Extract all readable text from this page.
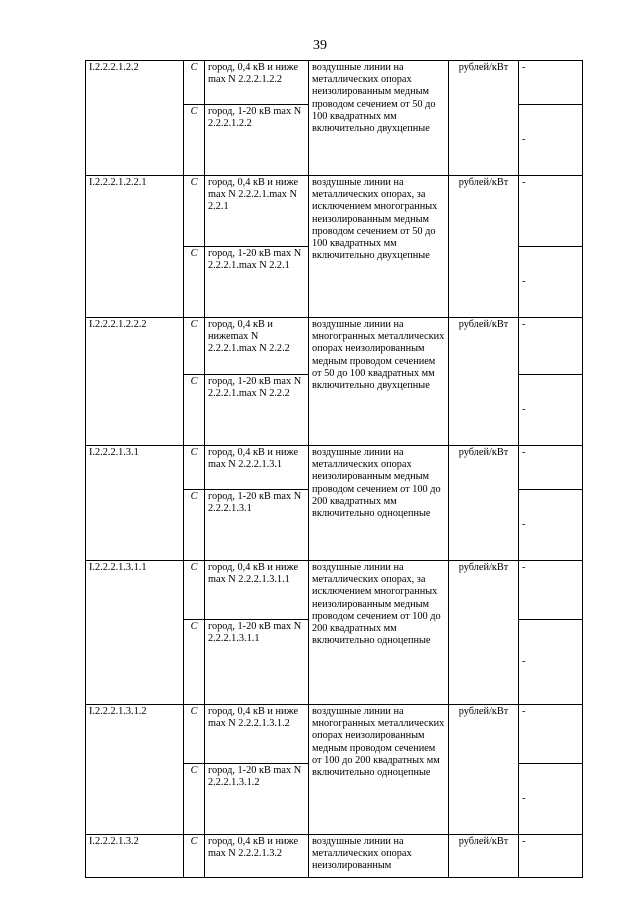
39
I.2.2.2.1.2.2	C	город, 0,4 кВ и ниже max N 2.2.2.1.2.2	воздушные линии на металлических опорах неизолированным медным проводом сечением от 50 до 100 квадратных мм включительно двухцепные	рублей/кВт	-
	C	город, 1-20 кВ max N 2.2.2.1.2.2			-
I.2.2.2.1.2.2.1	C	город, 0,4 кВ и ниже max N 2.2.2.1.max N 2.2.1	воздушные линии на металлических опорах, за исключением многогранных неизолированным медным проводом сечением от 50 до 100 квадратных мм включительно двухцепные	рублей/кВт	-
	C	город, 1-20 кВ max N 2.2.2.1.max N 2.2.1			-
I.2.2.2.1.2.2.2	C	город, 0,4 кВ и нижеmax N 2.2.2.1.max N 2.2.2	воздушные линии на многогранных металлических опорах неизолированным медным проводом сечением от 50 до 100 квадратных мм включительно двухцепные	рублей/кВт	-
	C	город, 1-20 кВ max N 2.2.2.1.max N 2.2.2			-
I.2.2.2.1.3.1	C	город, 0,4 кВ и ниже max N 2.2.2.1.3.1	воздушные линии на металлических опорах неизолированным медным проводом сечением от 100 до 200 квадратных мм включительно одноцепные	рублей/кВт	-
	C	город, 1-20 кВ max N 2.2.2.1.3.1			-
I.2.2.2.1.3.1.1	C	город, 0,4 кВ и ниже max N 2.2.2.1.3.1.1	воздушные линии на металлических опорах, за исключением многогранных неизолированным медным проводом сечением от 100 до 200 квадратных мм включительно одноцепные	рублей/кВт	-
	C	город, 1-20 кВ max N 2.2.2.1.3.1.1			-
I.2.2.2.1.3.1.2	C	город, 0,4 кВ и ниже max N 2.2.2.1.3.1.2	воздушные линии на многогранных металлических опорах неизолированным медным проводом сечением от 100 до 200 квадратных мм включительно одноцепные	рублей/кВт	-
	C	город, 1-20 кВ max N 2.2.2.1.3.1.2			-
I.2.2.2.1.3.2	C	город, 0,4 кВ и ниже max N 2.2.2.1.3.2	воздушные линии на металлических опорах неизолированным	рублей/кВт	-
